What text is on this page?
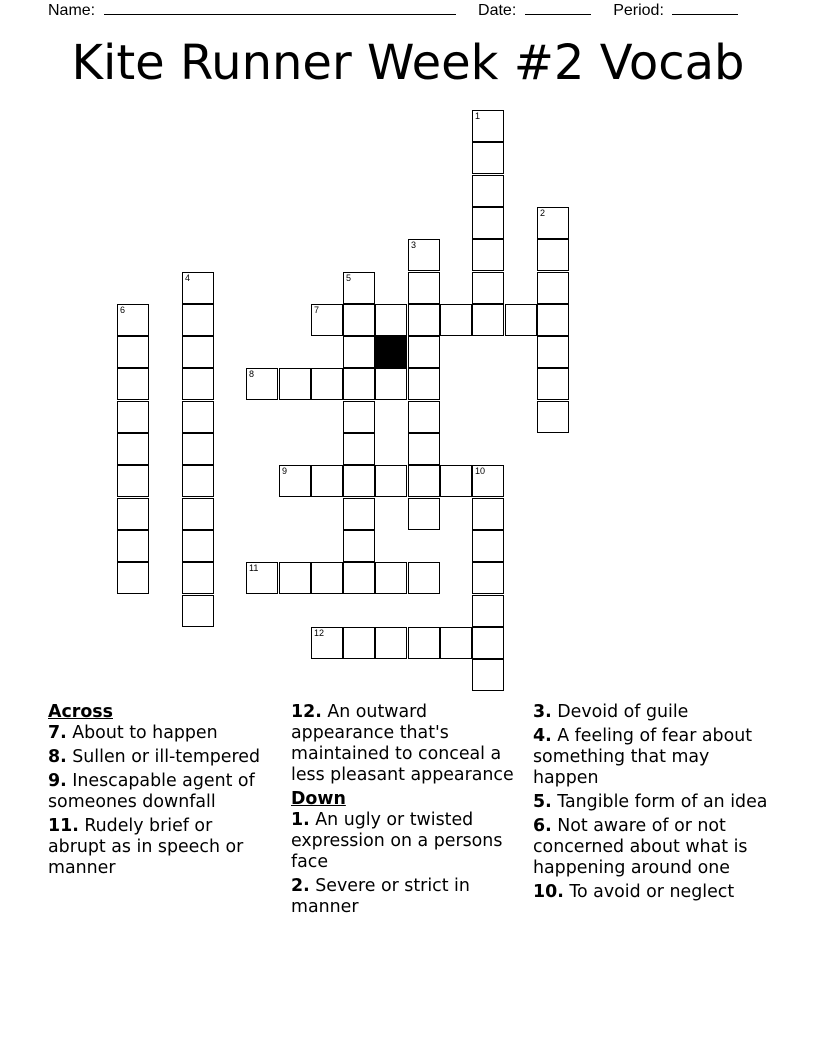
Name:	Date:	Period:
Kite Runner Week #2 Vocab
1
2
3
4	5
6	7
8
9	10
11
12
Across
7. About to happen
8. Sullen or ill-tempered
9. Inescapable agent of someones downfall
11. Rudely brief or abrupt as in speech or manner
12. An outward appearance that's maintained to conceal a less pleasant appearance
Down
1. An ugly or twisted expression on a persons face
2. Severe or strict in manner
3. Devoid of guile
4. A feeling of fear about something that may happen
5. Tangible form of an idea
6. Not aware of or not concerned about what is happening around one
10. To avoid or neglect
